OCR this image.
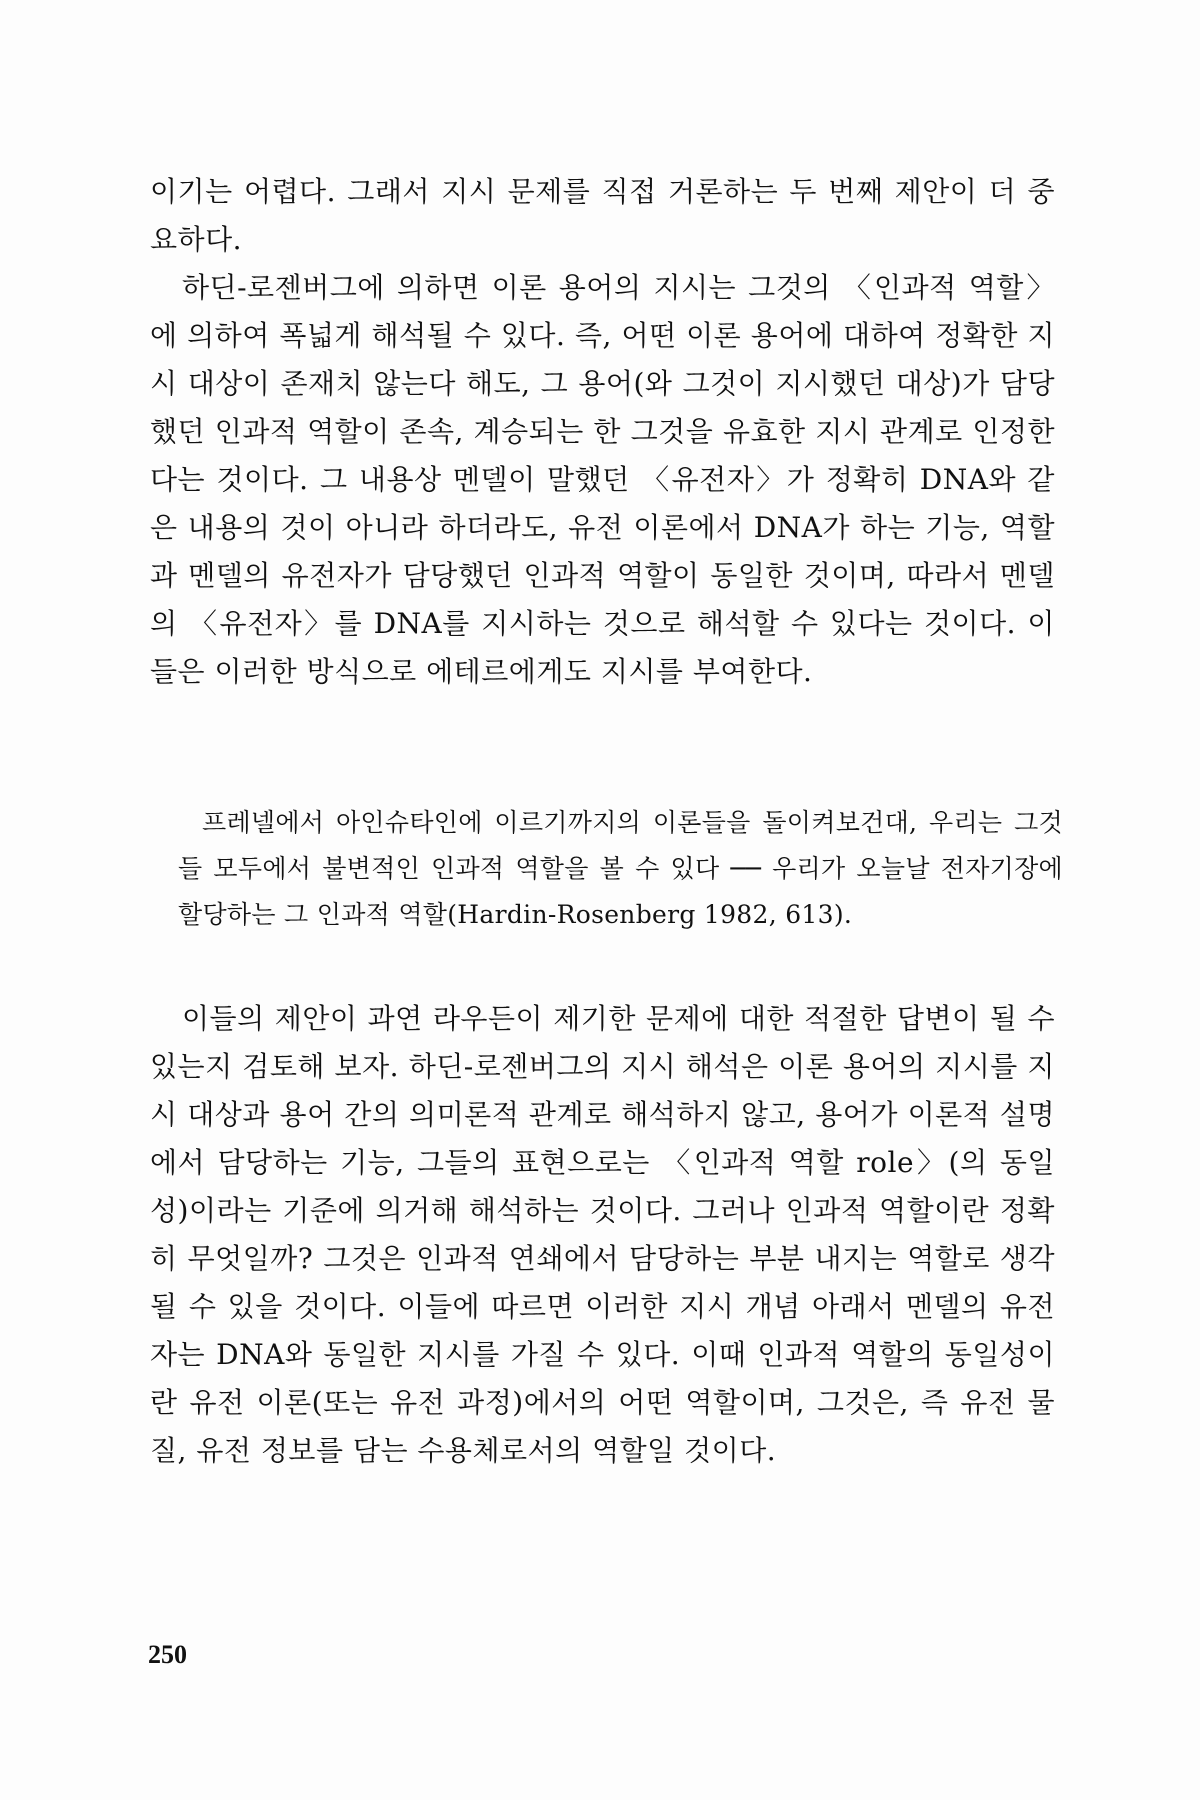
이기는 어렵다. 그래서 지시 문제를 직접 거론하는 두 번째 제안이 더 중요하다.

하딘-로젠버그에 의하면 이론 용어의 지시는 그것의 〈인과적 역할〉에 의하여 폭넓게 해석될 수 있다. 즉, 어떤 이론 용어에 대하여 정확한 지시 대상이 존재치 않는다 해도, 그 용어(와 그것이 지시했던 대상)가 담당했던 인과적 역할이 존속, 계승되는 한 그것을 유효한 지시 관계로 인정한다는 것이다. 그 내용상 멘델이 말했던 〈유전자〉가 정확히 DNA와 같은 내용의 것이 아니라 하더라도, 유전 이론에서 DNA가 하는 기능, 역할과 멘델의 유전자가 담당했던 인과적 역할이 동일한 것이며, 따라서 멘델의 〈유전자〉를 DNA를 지시하는 것으로 해석할 수 있다는 것이다. 이들은 이러한 방식으로 에테르에게도 지시를 부여한다.

프레넬에서 아인슈타인에 이르기까지의 이론들을 돌이켜보건대, 우리는 그것들 모두에서 불변적인 인과적 역할을 볼 수 있다 ── 우리가 오늘날 전자기장에 할당하는 그 인과적 역할(Hardin-Rosenberg 1982, 613).

이들의 제안이 과연 라우든이 제기한 문제에 대한 적절한 답변이 될 수 있는지 검토해 보자. 하딘-로젠버그의 지시 해석은 이론 용어의 지시를 지시 대상과 용어 간의 의미론적 관계로 해석하지 않고, 용어가 이론적 설명에서 담당하는 기능, 그들의 표현으로는 〈인과적 역할 role〉(의 동일성)이라는 기준에 의거해 해석하는 것이다. 그러나 인과적 역할이란 정확히 무엇일까? 그것은 인과적 연쇄에서 담당하는 부분 내지는 역할로 생각될 수 있을 것이다. 이들에 따르면 이러한 지시 개념 아래서 멘델의 유전자는 DNA와 동일한 지시를 가질 수 있다. 이때 인과적 역할의 동일성이란 유전 이론(또는 유전 과정)에서의 어떤 역할이며, 그것은, 즉 유전 물질, 유전 정보를 담는 수용체로서의 역할일 것이다.

250
